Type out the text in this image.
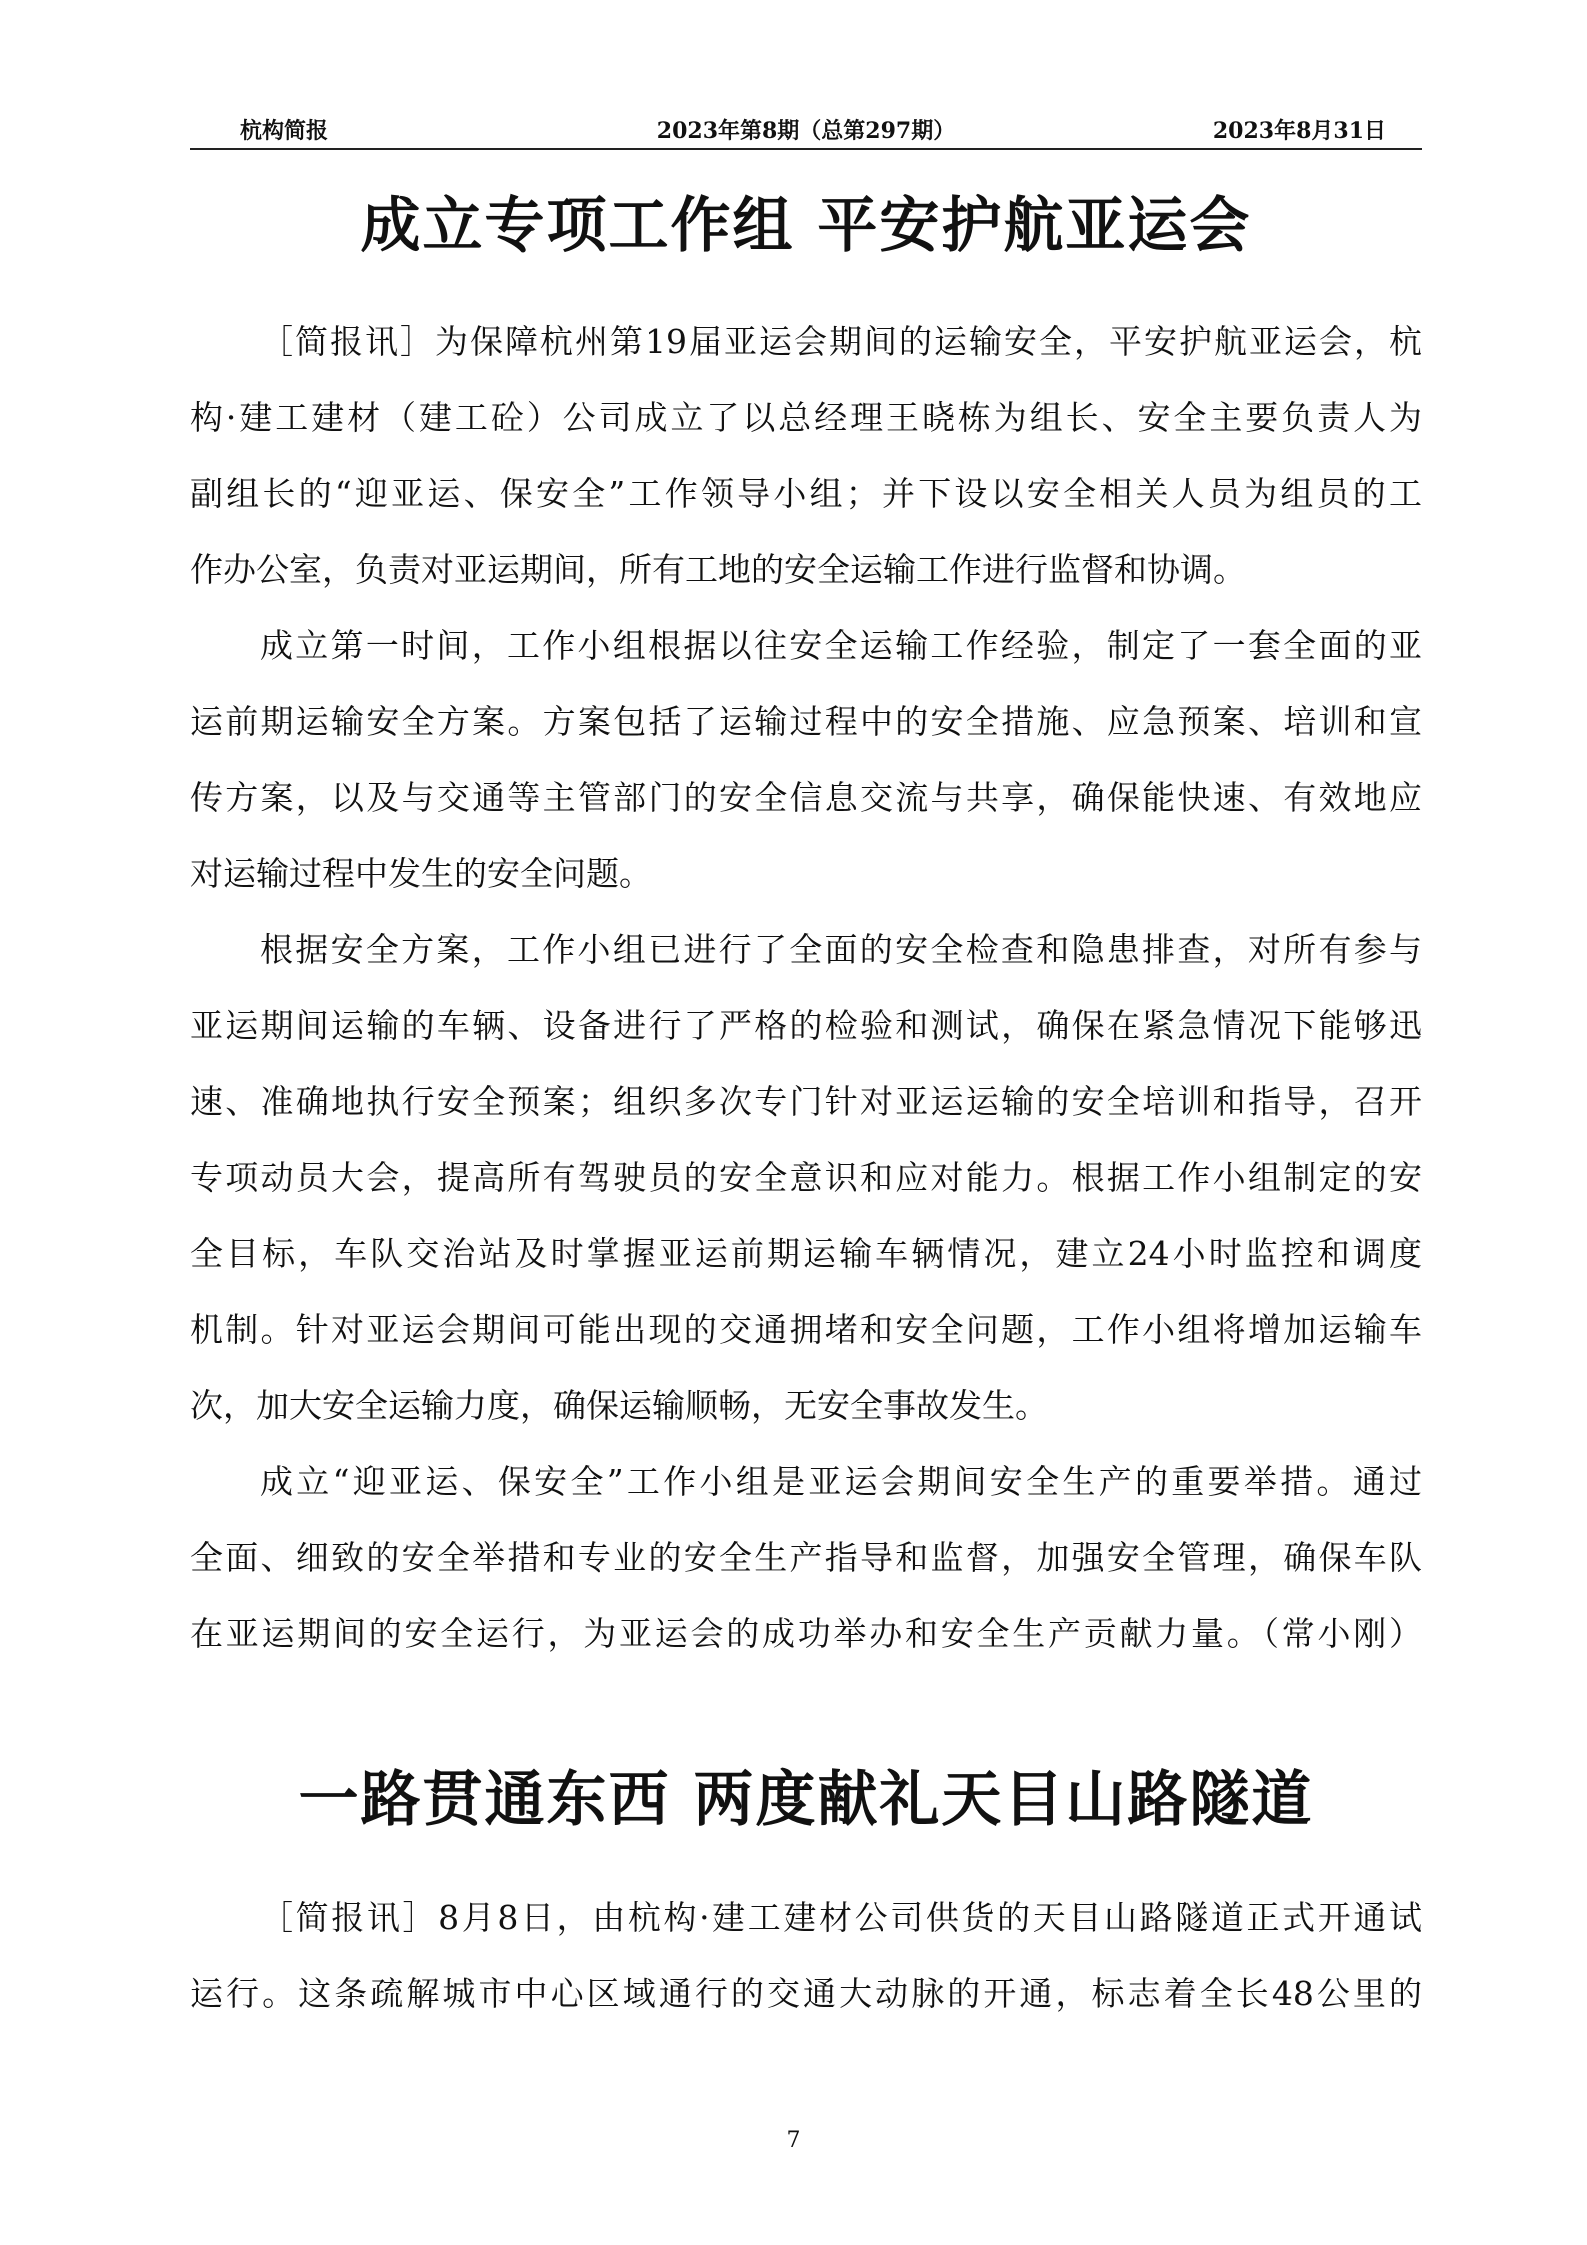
杭构简报	2023年第8期（总第297期）	2023年8月31日
成立专项工作组 平安护航亚运会
［简报讯］为保障杭州第19届亚运会期间的运输安全，平安护航亚运会，杭
构·建工建材（建工砼）公司成立了以总经理王晓栋为组长、安全主要负责人为
副组长的“迎亚运、保安全”工作领导小组；并下设以安全相关人员为组员的工
作办公室，负责对亚运期间，所有工地的安全运输工作进行监督和协调。
成立第一时间，工作小组根据以往安全运输工作经验，制定了一套全面的亚
运前期运输安全方案。方案包括了运输过程中的安全措施、应急预案、培训和宣
传方案，以及与交通等主管部门的安全信息交流与共享，确保能快速、有效地应
对运输过程中发生的安全问题。
根据安全方案，工作小组已进行了全面的安全检查和隐患排查，对所有参与
亚运期间运输的车辆、设备进行了严格的检验和测试，确保在紧急情况下能够迅
速、准确地执行安全预案；组织多次专门针对亚运运输的安全培训和指导，召开
专项动员大会，提高所有驾驶员的安全意识和应对能力。根据工作小组制定的安
全目标，车队交治站及时掌握亚运前期运输车辆情况，建立24小时监控和调度
机制。针对亚运会期间可能出现的交通拥堵和安全问题，工作小组将增加运输车
次，加大安全运输力度，确保运输顺畅，无安全事故发生。
成立“迎亚运、保安全”工作小组是亚运会期间安全生产的重要举措。通过
全面、细致的安全举措和专业的安全生产指导和监督，加强安全管理，确保车队
在亚运期间的安全运行，为亚运会的成功举办和安全生产贡献力量。（常小刚）
一路贯通东西 两度献礼天目山路隧道
［简报讯］8月8日，由杭构·建工建材公司供货的天目山路隧道正式开通试
运行。这条疏解城市中心区域通行的交通大动脉的开通，标志着全长48公里的
7
